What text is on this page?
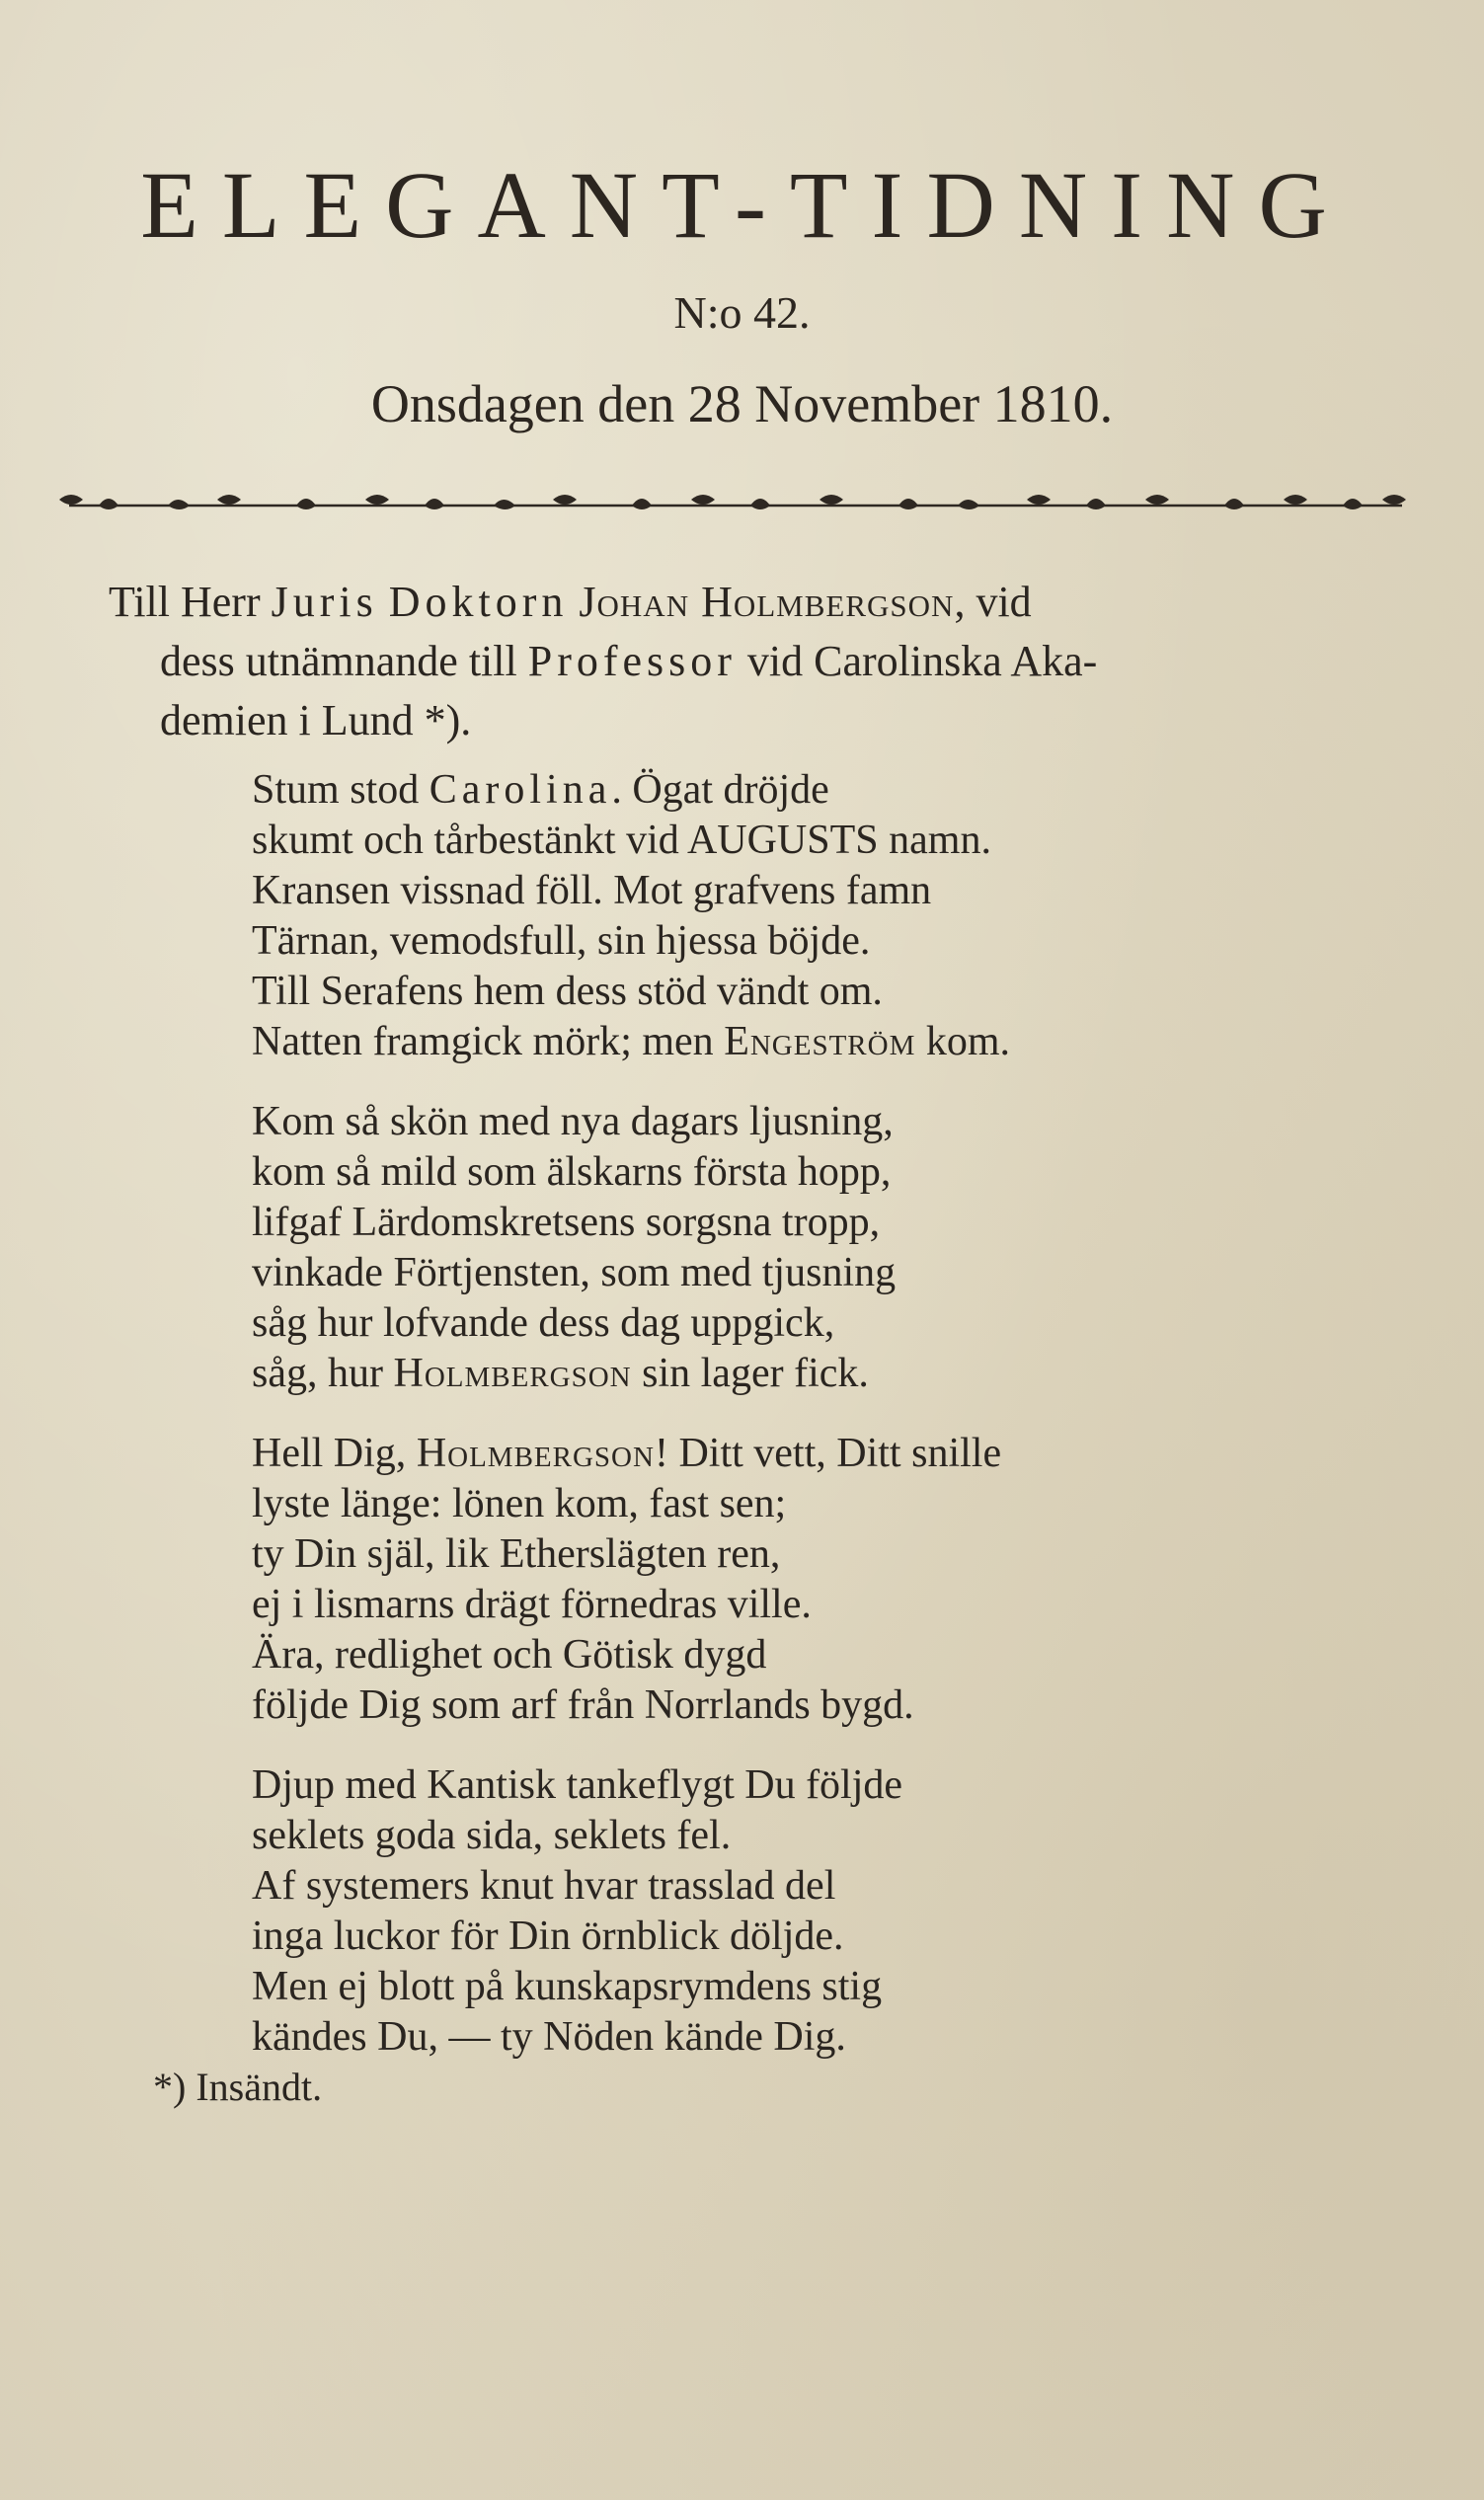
ELEGANT-TIDNING
N:o 42.
Onsdagen den 28 November 1810.
Till Herr Juris Doktorn Johan Holmbergson, vid
dess utnämnande till Professor vid Carolinska Aka-
demien i Lund *).
Stum stod Carolina. Ögat dröjde
skumt och tårbestänkt vid AUGUSTS namn.
Kransen vissnad föll. Mot grafvens famn
Tärnan, vemodsfull, sin hjessa böjde.
Till Serafens hem dess stöd vändt om.
Natten framgick mörk; men Engeström kom.
Kom så skön med nya dagars ljusning,
kom så mild som älskarns första hopp,
lifgaf Lärdomskretsens sorgsna tropp,
vinkade Förtjensten, som med tjusning
såg hur lofvande dess dag uppgick,
såg, hur Holmbergson sin lager fick.
Hell Dig, Holmbergson! Ditt vett, Ditt snille
lyste länge: lönen kom, fast sen;
ty Din själ, lik Etherslägten ren,
ej i lismarns drägt förnedras ville.
Ära, redlighet och Götisk dygd
följde Dig som arf från Norrlands bygd.
Djup med Kantisk tankeflygt Du följde
seklets goda sida, seklets fel.
Af systemers knut hvar trasslad del
inga luckor för Din örnblick döljde.
Men ej blott på kunskapsrymdens stig
kändes Du, — ty Nöden kände Dig.
*) Insändt.
